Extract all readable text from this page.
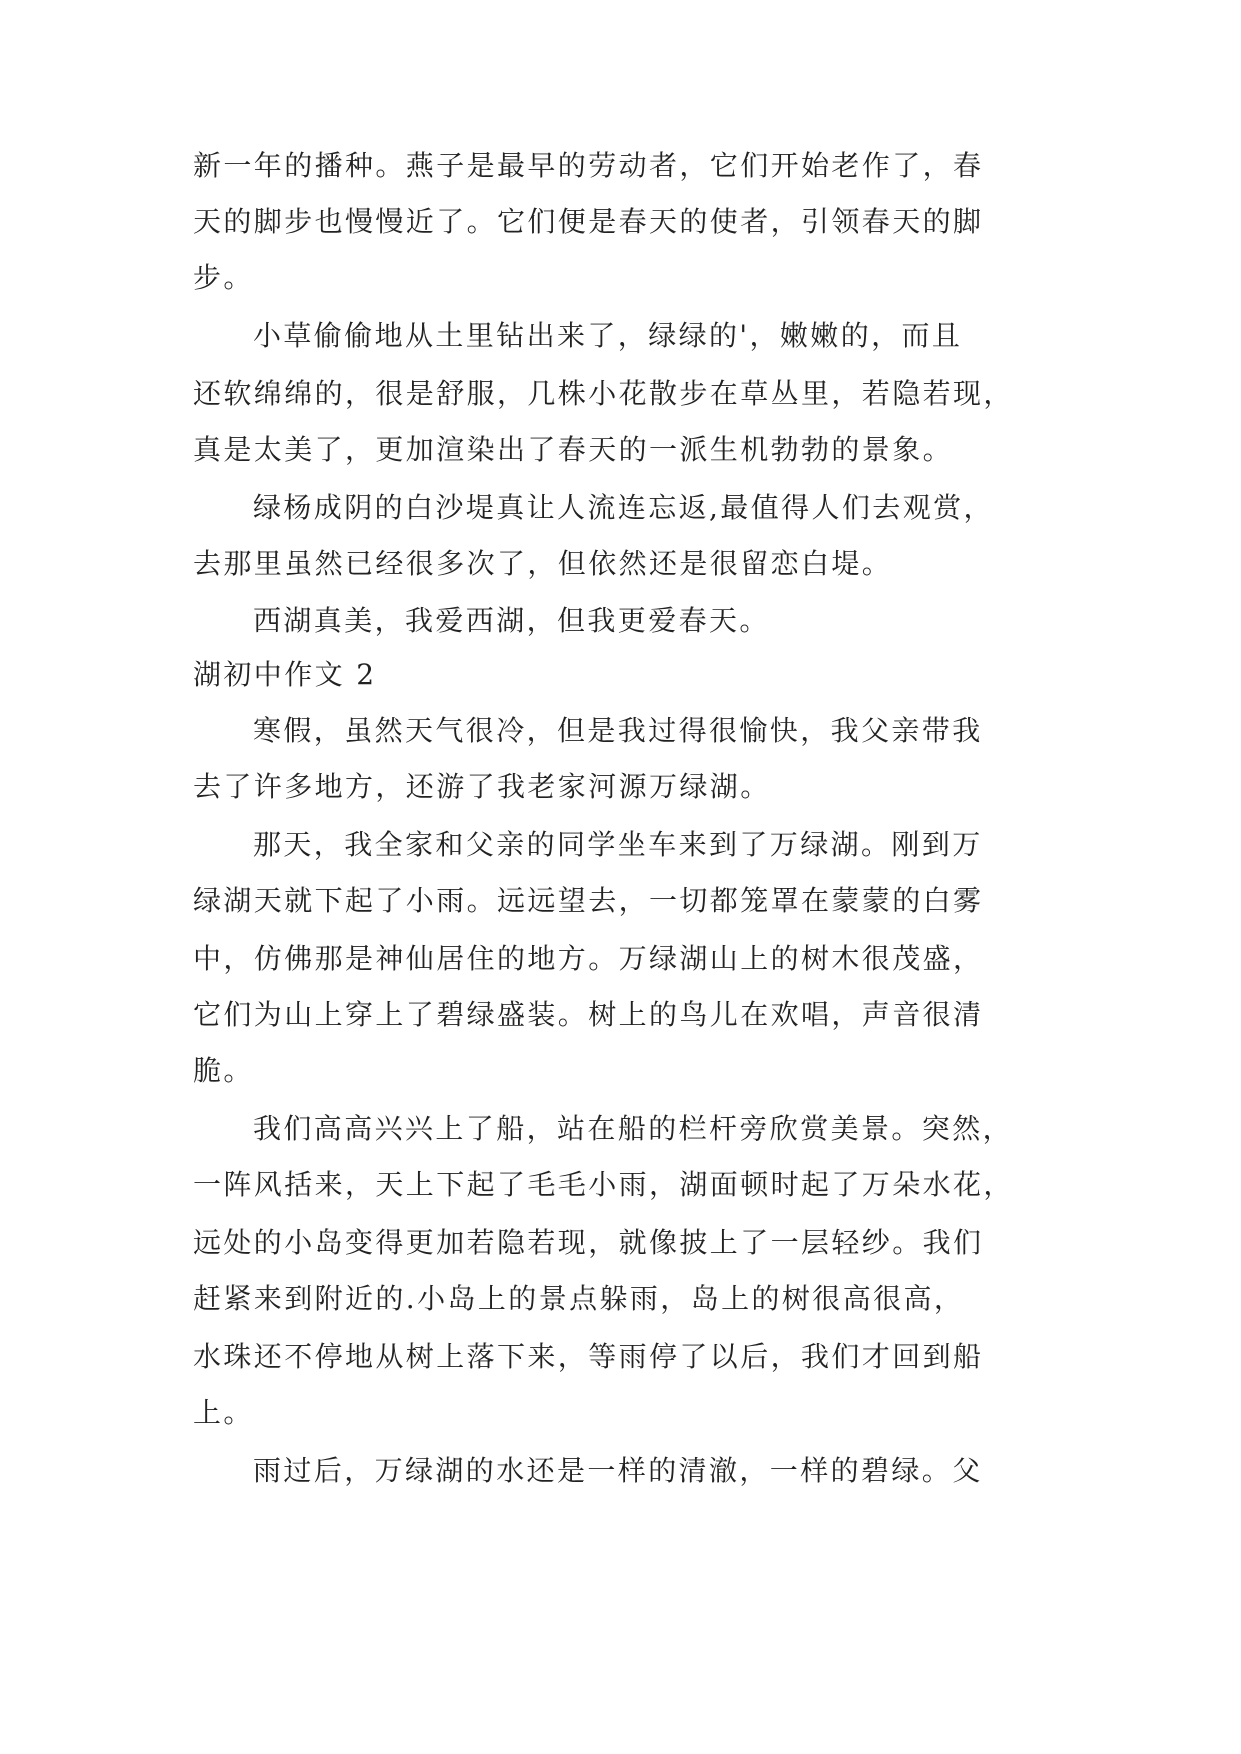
新一年的播种。燕子是最早的劳动者，它们开始老作了，春
天的脚步也慢慢近了。它们便是春天的使者，引领春天的脚
步。
小草偷偷地从土里钻出来了，绿绿的'，嫩嫩的，而且
还软绵绵的，很是舒服，几株小花散步在草丛里，若隐若现，
真是太美了，更加渲染出了春天的一派生机勃勃的景象。
绿杨成阴的白沙堤真让人流连忘返,最值得人们去观赏，
去那里虽然已经很多次了，但依然还是很留恋白堤。
西湖真美，我爱西湖，但我更爱春天。
湖初中作文 2
寒假，虽然天气很冷，但是我过得很愉快，我父亲带我
去了许多地方，还游了我老家河源万绿湖。
那天，我全家和父亲的同学坐车来到了万绿湖。刚到万
绿湖天就下起了小雨。远远望去，一切都笼罩在蒙蒙的白雾
中，仿佛那是神仙居住的地方。万绿湖山上的树木很茂盛，
它们为山上穿上了碧绿盛装。树上的鸟儿在欢唱，声音很清
脆。
我们高高兴兴上了船，站在船的栏杆旁欣赏美景。突然，
一阵风括来，天上下起了毛毛小雨，湖面顿时起了万朵水花，
远处的小岛变得更加若隐若现，就像披上了一层轻纱。我们
赶紧来到附近的.小岛上的景点躲雨，岛上的树很高很高，
水珠还不停地从树上落下来，等雨停了以后，我们才回到船
上。
雨过后，万绿湖的水还是一样的清澈，一样的碧绿。父
